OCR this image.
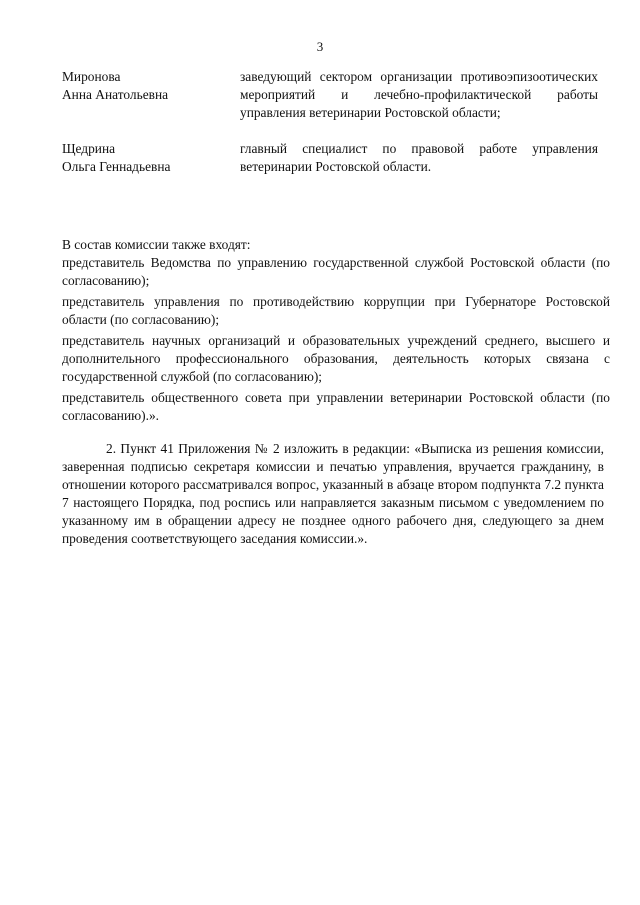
3
Миронова
Анна Анатольевна
заведующий сектором организации противоэпизоотических мероприятий и лечебно-профилактической работы управления ветеринарии Ростовской области;
Щедрина
Ольга Геннадьевна
главный специалист по правовой работе управления ветеринарии Ростовской области.

В состав комиссии также входят:

представитель Ведомства по управлению государственной службой Ростовской области (по согласованию);

представитель управления по противодействию коррупции при Губернаторе Ростовской области (по согласованию);

представитель научных организаций и образовательных учреждений среднего, высшего и дополнительного профессионального образования, деятельность которых связана с государственной службой (по согласованию);

представитель общественного совета при управлении ветеринарии Ростовской области (по согласованию).».

2. Пункт 41 Приложения № 2 изложить в редакции: «Выписка из решения комиссии, заверенная подписью секретаря комиссии и печатью управления, вручается гражданину, в отношении которого рассматривался вопрос, указанный в абзаце втором подпункта 7.2 пункта 7 настоящего Порядка, под роспись или направляется заказным письмом с уведомлением по указанному им в обращении адресу не позднее одного рабочего дня, следующего за днем проведения соответствующего заседания комиссии.».
